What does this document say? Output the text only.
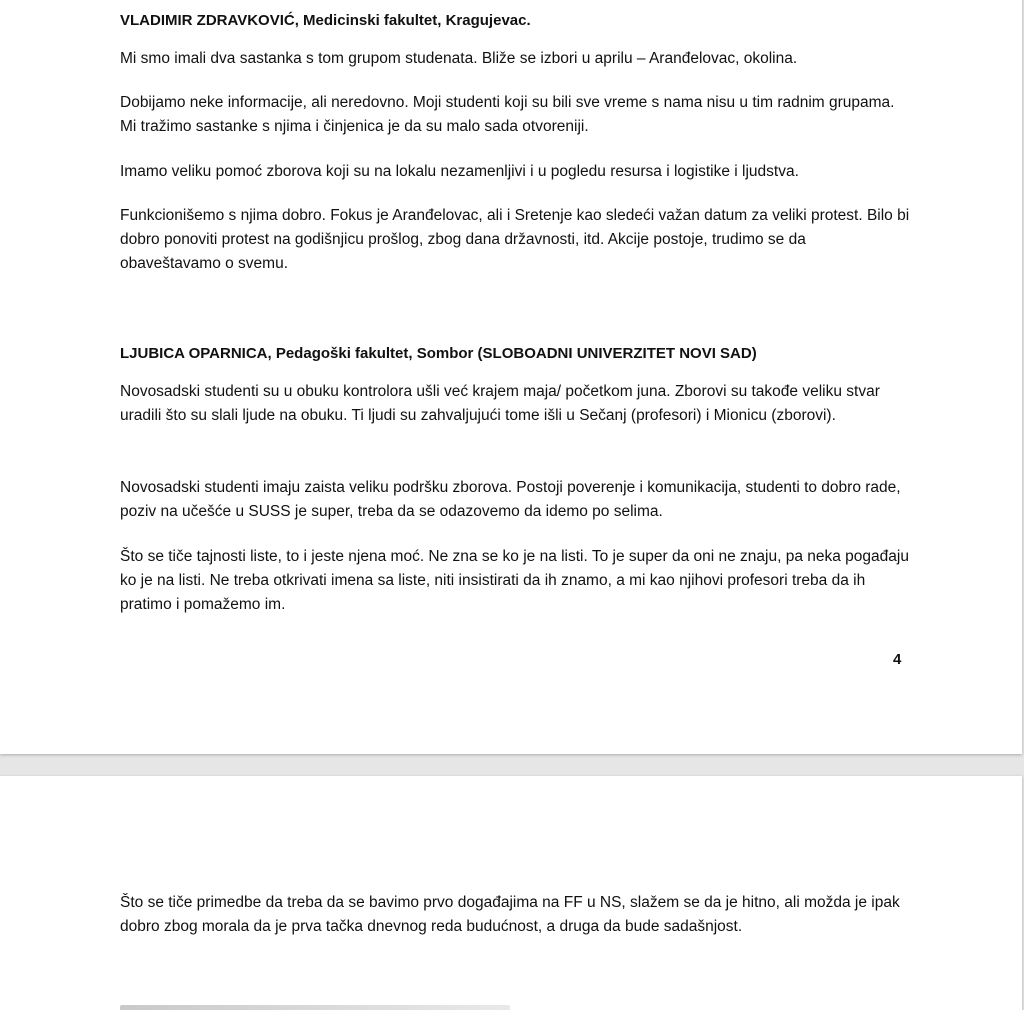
VLADIMIR ZDRAVKOVIĆ, Medicinski fakultet, Kragujevac.

Mi smo imali dva sastanka s tom grupom studenata. Bliže se izbori u aprilu – Aranđelovac, okolina.

Dobijamo neke informacije, ali neredovno. Moji studenti koji su bili sve vreme s nama nisu u tim radnim grupama. Mi tražimo sastanke s njima i činjenica je da su malo sada otvoreniji.

Imamo veliku pomoć zborova koji su na lokalu nezamenljivi i u pogledu resursa i logistike i ljudstva.

Funkcionišemo s njima dobro. Fokus je Aranđelovac, ali i Sretenje kao sledeći važan datum za veliki protest. Bilo bi dobro ponoviti protest na godišnjicu prošlog, zbog dana državnosti, itd. Akcije postoje, trudimo se da obaveštavamo o svemu.

LJUBICA OPARNICA, Pedagoški fakultet, Sombor (SLOBOADNI UNIVERZITET NOVI SAD)

Novosadski studenti su u obuku kontrolora ušli već krajem maja/ početkom juna. Zborovi su takođe veliku stvar uradili što su slali ljude na obuku. Ti ljudi su zahvaljujući tome išli u Sečanj (profesori) i Mionicu (zborovi).

Novosadski studenti imaju zaista veliku podršku zborova. Postoji poverenje i komunikacija, studenti to dobro rade, poziv na učešće u SUSS je super, treba da se odazovemo da idemo po selima.

Što se tiče tajnosti liste, to i jeste njena moć. Ne zna se ko je na listi. To je super da oni ne znaju, pa neka pogađaju ko je na listi. Ne treba otkrivati imena sa liste, niti insistirati da ih znamo, a mi kao njihovi profesori treba da ih pratimo i pomažemo im.

4

Što se tiče primedbe da treba da se bavimo prvo događajima na FF u NS, slažem se da je hitno, ali možda je ipak dobro zbog morala da je prva tačka dnevnog reda budućnost, a druga da bude sadašnjost.
